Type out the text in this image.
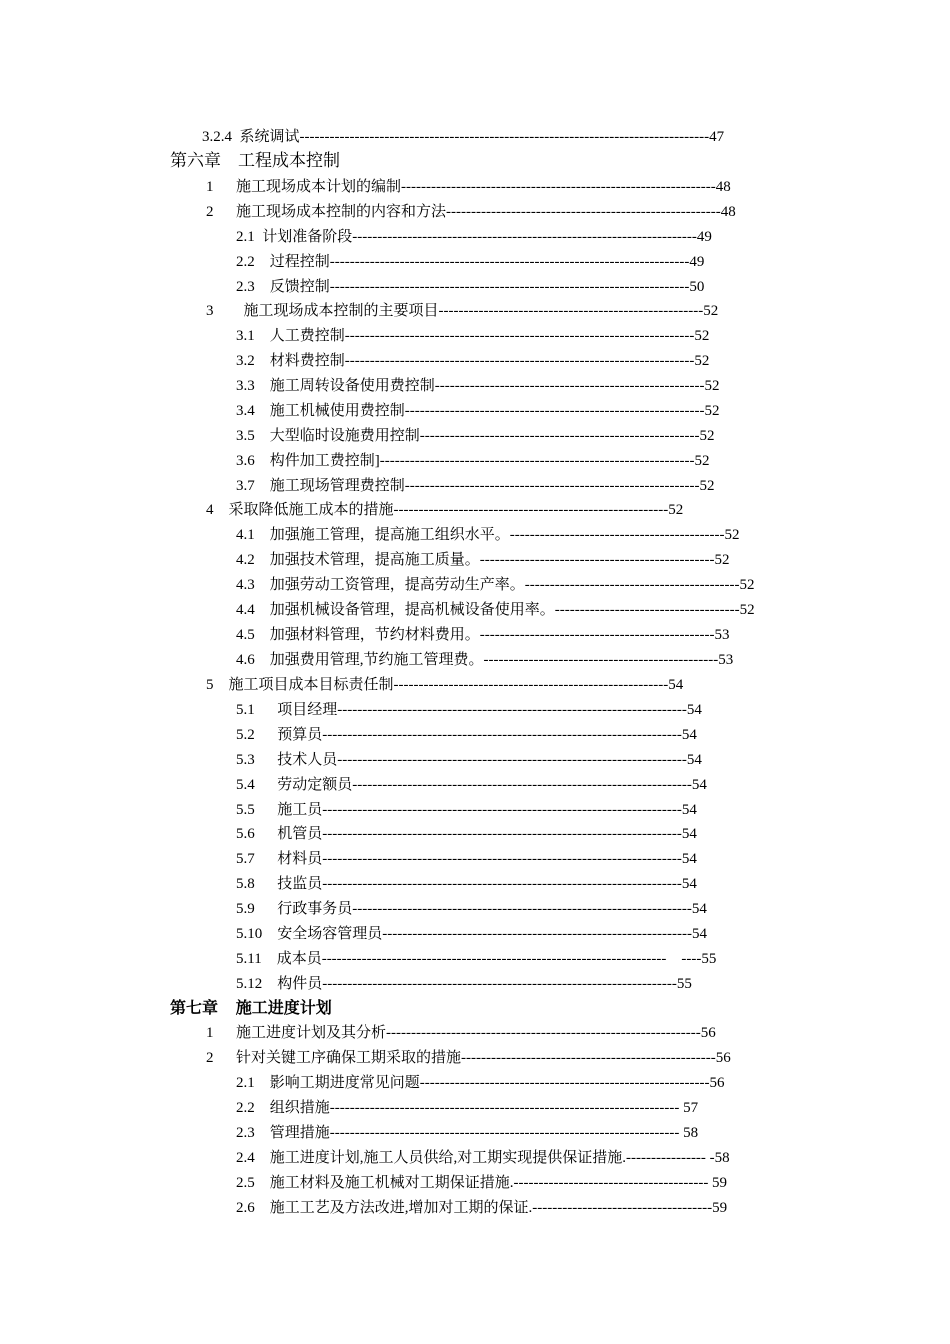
3.2.4  系统调试----------------------------------------------------------------------------------47
第六章    工程成本控制
1      施工现场成本计划的编制---------------------------------------------------------------48
2      施工现场成本控制的内容和方法-------------------------------------------------------48
2.1  计划准备阶段---------------------------------------------------------------------49
2.2    过程控制------------------------------------------------------------------------49
2.3    反馈控制------------------------------------------------------------------------50
3        施工现场成本控制的主要项目-----------------------------------------------------52
3.1    人工费控制----------------------------------------------------------------------52
3.2    材料费控制----------------------------------------------------------------------52
3.3    施工周转设备使用费控制------------------------------------------------------52
3.4    施工机械使用费控制------------------------------------------------------------52
3.5    大型临时设施费用控制--------------------------------------------------------52
3.6    构件加工费控制]---------------------------------------------------------------52
3.7    施工现场管理费控制-----------------------------------------------------------52
4    采取降低施工成本的措施-------------------------------------------------------52
4.1    加强施工管理，提高施工组织水平。-------------------------------------------52
4.2    加强技术管理，提高施工质量。-----------------------------------------------52
4.3    加强劳动工资管理，提高劳动生产率。-------------------------------------------52
4.4    加强机械设备管理，提高机械设备使用率。-------------------------------------52
4.5    加强材料管理，节约材料费用。-----------------------------------------------53
4.6    加强费用管理,节约施工管理费。-----------------------------------------------53
5    施工项目成本目标责任制-------------------------------------------------------54
5.1      项目经理----------------------------------------------------------------------54
5.2      预算员------------------------------------------------------------------------54
5.3      技术人员----------------------------------------------------------------------54
5.4      劳动定额员--------------------------------------------------------------------54
5.5      施工员------------------------------------------------------------------------54
5.6      机管员------------------------------------------------------------------------54
5.7      材料员------------------------------------------------------------------------54
5.8      技监员------------------------------------------------------------------------54
5.9      行政事务员--------------------------------------------------------------------54
5.10    安全场容管理员--------------------------------------------------------------54
5.11    成本员---------------------------------------------------------------------    ----55
5.12    构件员-----------------------------------------------------------------------55
第七章    施工进度计划
1      施工进度计划及其分析---------------------------------------------------------------56
2      针对关键工序确保工期采取的措施---------------------------------------------------56
2.1    影响工期进度常见问题----------------------------------------------------------56
2.2    组织措施---------------------------------------------------------------------- 57
2.3    管理措施---------------------------------------------------------------------- 58
2.4    施工进度计划,施工人员供给,对工期实现提供保证措施.---------------- -58
2.5    施工材料及施工机械对工期保证措施.--------------------------------------- 59
2.6    施工工艺及方法改进,增加对工期的保证.------------------------------------59
